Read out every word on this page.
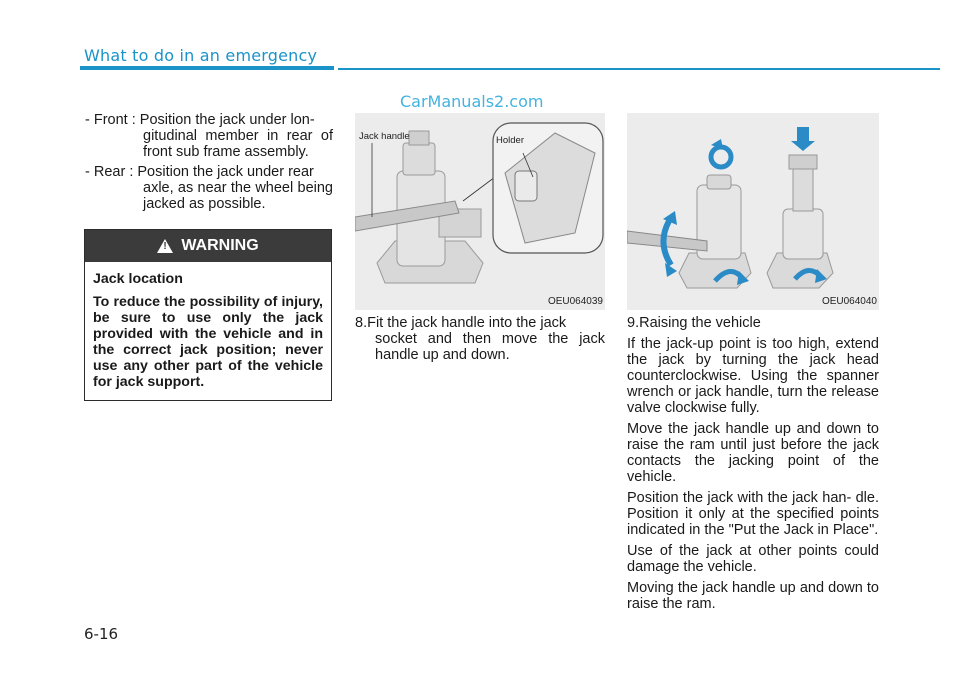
What to do in an emergency
CarManuals2.com
- Front : Position the jack under lon-
gitudinal member in rear of front sub frame assembly.
- Rear : Position the jack under rear
axle, as near the wheel being jacked as possible.
! WARNING

Jack location

To reduce the possibility of injury, be sure to use only the jack provided with the vehicle and in the correct jack position; never use any other part of the vehicle for jack support.

Jack handle	Holder
OEU064039	OEU064040
8.Fit the jack handle into the jack
socket and then move the jack handle up and down.

9.Raising the vehicle

If the jack-up point is too high, extend the jack by turning the jack head counterclockwise. Using the spanner wrench or jack handle, turn the release valve clockwise fully.

Move the jack handle up and down to raise the ram until just before the jack contacts the jacking point of the vehicle.

Position the jack with the jack han- dle. Position it only at the specified points indicated in the "Put the Jack in Place".

Use of the jack at other points could damage the vehicle.

Moving the jack handle up and down to raise the ram.

6-16
